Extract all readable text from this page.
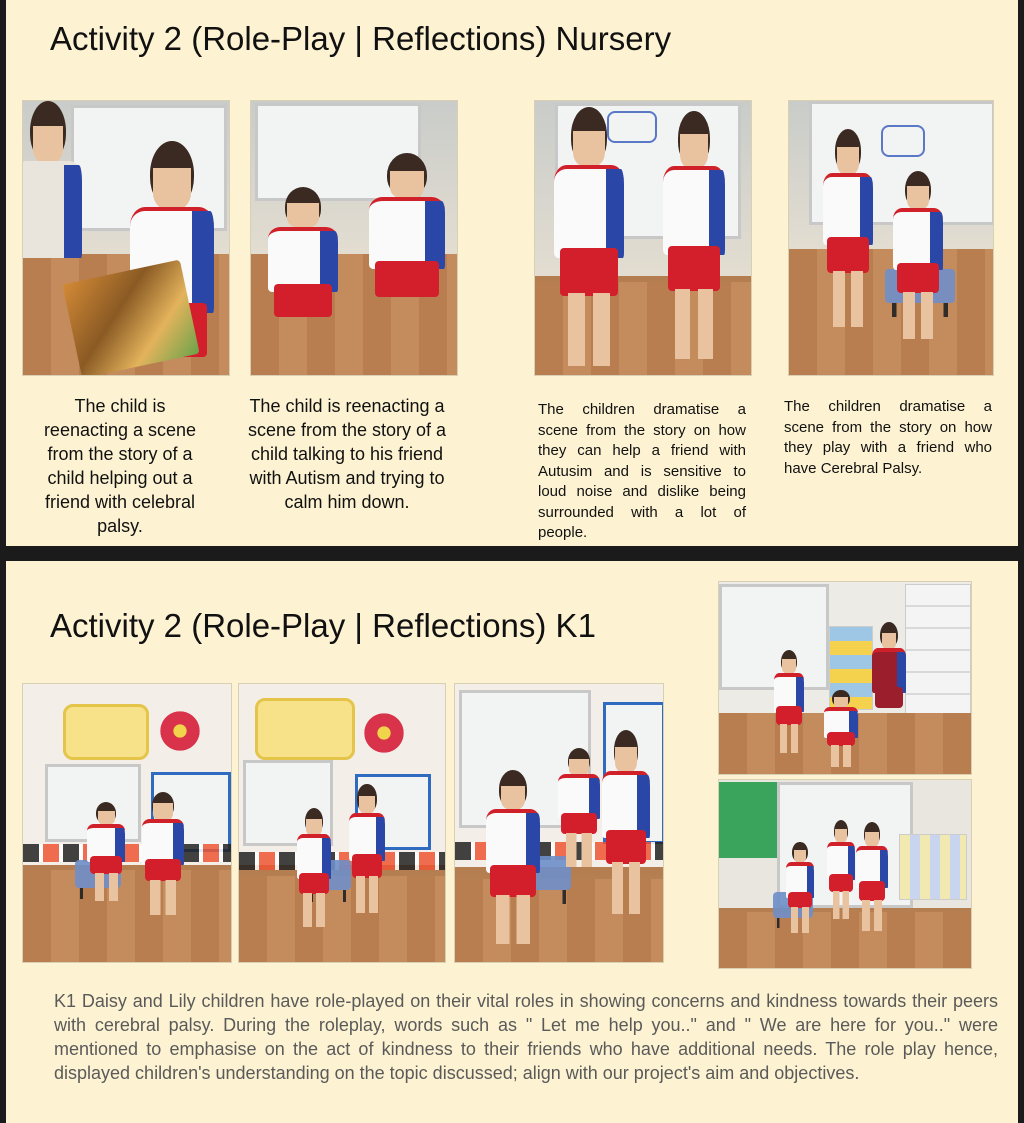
Activity 2 (Role-Play | Reflections) Nursery
The child is reenacting a scene from the story of a child helping out a friend with celebral palsy.
The child is reenacting a scene from the story of a child talking to his friend with Autism and trying to calm him down.
The children dramatise a scene from the story on how they can help a friend with Autusim and is sensitive to loud noise and dislike being surrounded with a lot of people.
The children dramatise a scene from the story on how they play with a friend who have Cerebral Palsy.
Activity 2 (Role-Play | Reflections) K1
K1 Daisy and Lily children have role-played on their vital roles in showing concerns and kindness towards their peers with cerebral palsy. During the roleplay, words such as " Let me help you.." and " We are here for you.." were mentioned to emphasise on the act of kindness to their friends who have additional needs. The role play hence, displayed children's understanding on the topic discussed; align with our project's aim and objectives.
